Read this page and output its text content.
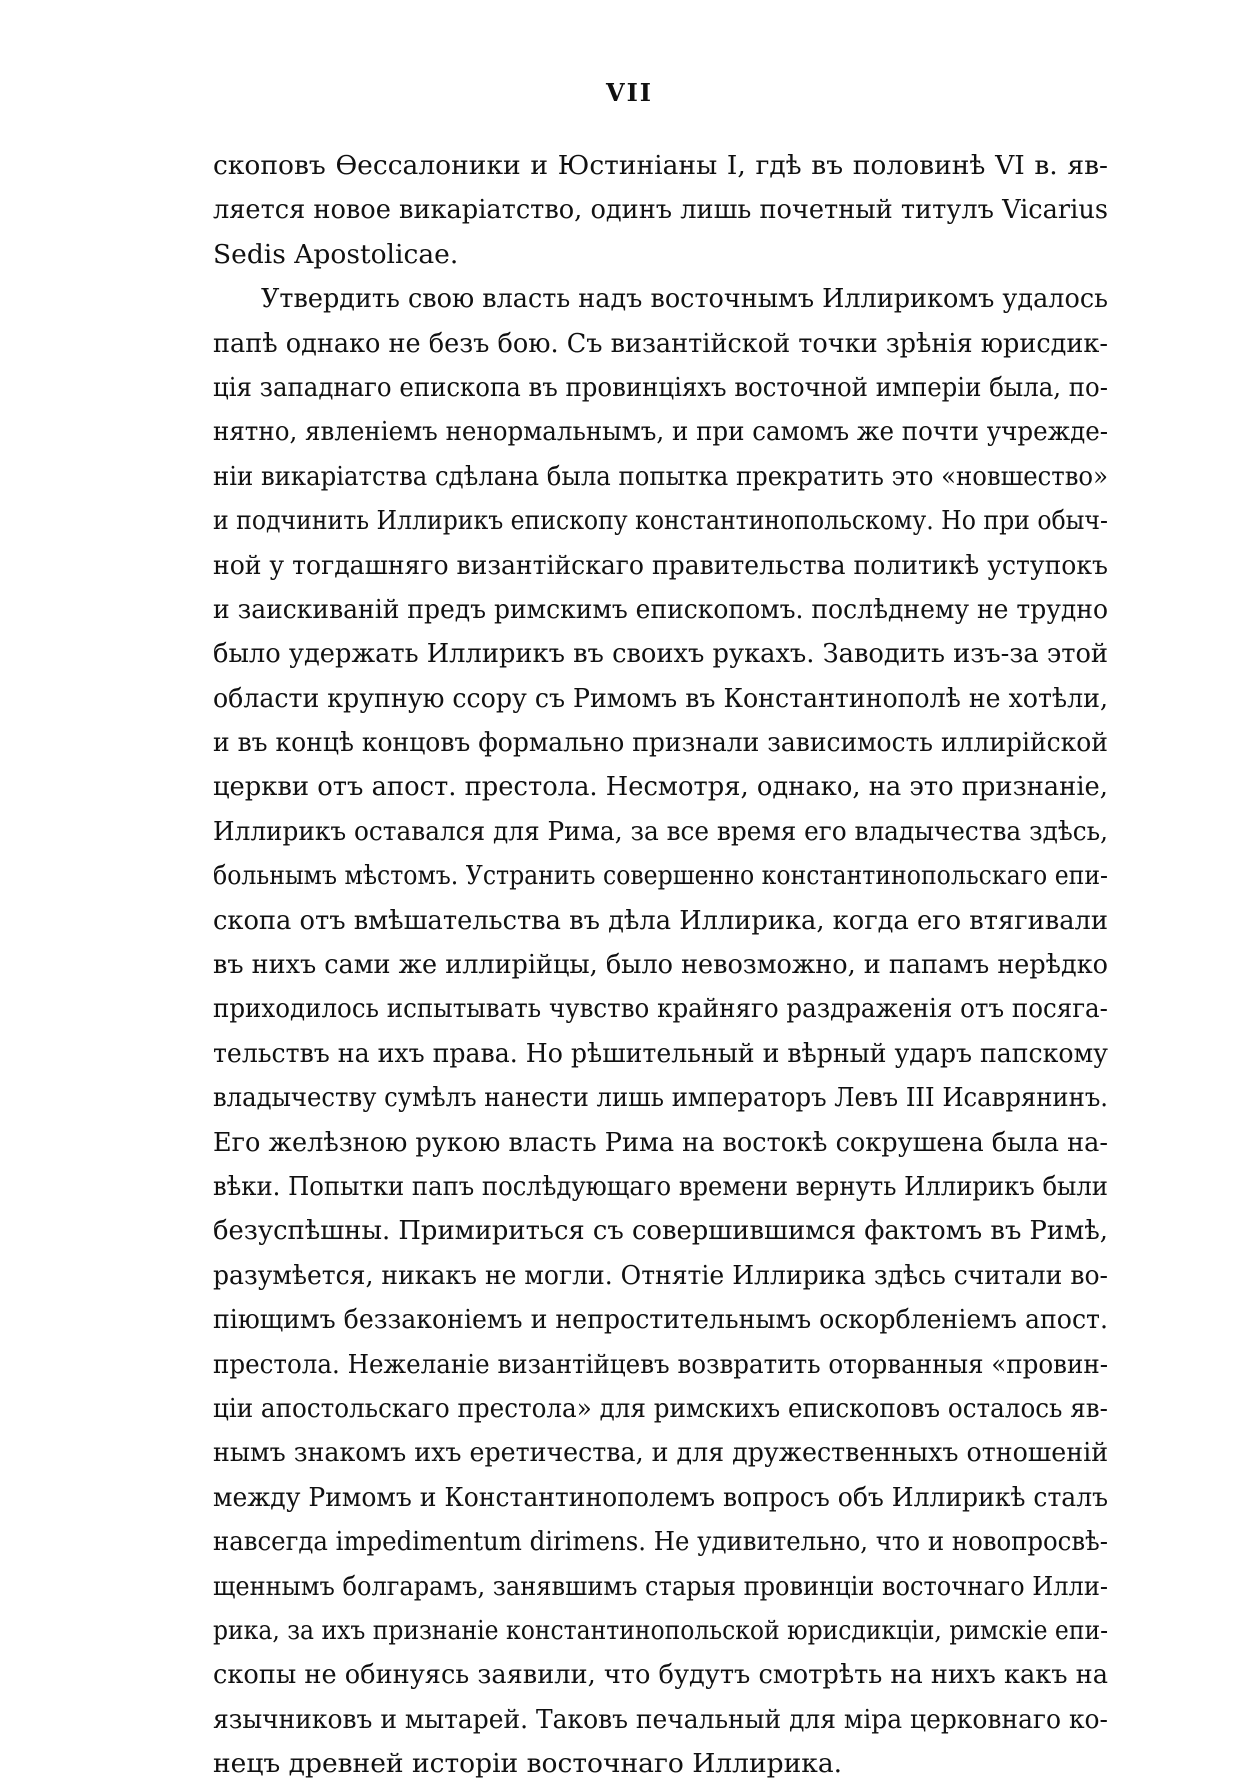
VII
скоповъ Ѳессалоники и Юстиніаны I, гдѣ въ половинѣ VI в. яв-
ляется новое викаріатство, одинъ лишь почетный титулъ Vicarius
Sedis Apostolicae.
Утвердить свою власть надъ восточнымъ Иллирикомъ удалось
папѣ однако не безъ бою. Съ византійской точки зрѣнія юрисдик-
ція западнаго епископа въ провинціяхъ восточной имперіи была, по-
нятно, явленіемъ ненормальнымъ, и при самомъ же почти учрежде-
ніи викаріатства сдѣлана была попытка прекратить это «новшество»
и подчинить Иллирикъ епископу константинопольскому. Но при обыч-
ной у тогдашняго византійскаго правительства политикѣ уступокъ
и заискиваній предъ римскимъ епископомъ. послѣднему не трудно
было удержать Иллирикъ въ своихъ рукахъ. Заводить изъ-за этой
области крупную ссору съ Римомъ въ Константинополѣ не хотѣли,
и въ концѣ концовъ формально признали зависимость иллирійской
церкви отъ апост. престола. Несмотря, однако, на это признаніе,
Иллирикъ оставался для Рима, за все время его владычества здѣсь,
больнымъ мѣстомъ. Устранить совершенно константинопольскаго епи-
скопа отъ вмѣшательства въ дѣла Иллирика, когда его втягивали
въ нихъ сами же иллирійцы, было невозможно, и папамъ нерѣдко
приходилось испытывать чувство крайняго раздраженія отъ посяга-
тельствъ на ихъ права. Но рѣшительный и вѣрный ударъ папскому
владычеству сумѣлъ нанести лишь императоръ Левъ III Исаврянинъ.
Его желѣзною рукою власть Рима на востокѣ сокрушена была на-
вѣки. Попытки папъ послѣдующаго времени вернуть Иллирикъ были
безуспѣшны. Примириться съ совершившимся фактомъ въ Римѣ,
разумѣется, никакъ не могли. Отнятіе Иллирика здѣсь считали во-
піющимъ беззаконіемъ и непростительнымъ оскорбленіемъ апост.
престола. Нежеланіе византійцевъ возвратить оторванныя «провин-
ціи апостольскаго престола» для римскихъ епископовъ осталось яв-
нымъ знакомъ ихъ еретичества, и для дружественныхъ отношеній
между Римомъ и Константинополемъ вопросъ объ Иллирикѣ сталъ
навсегда impedimentum dirimens. Не удивительно, что и новопросвѣ-
щеннымъ болгарамъ, занявшимъ старыя провинціи восточнаго Илли-
рика, за ихъ признаніе константинопольской юрисдикціи, римскіе епи-
скопы не обинуясь заявили, что будутъ смотрѣть на нихъ какъ на
язычниковъ и мытарей. Таковъ печальный для міра церковнаго ко-
нецъ древней исторіи восточнаго Иллирика.
